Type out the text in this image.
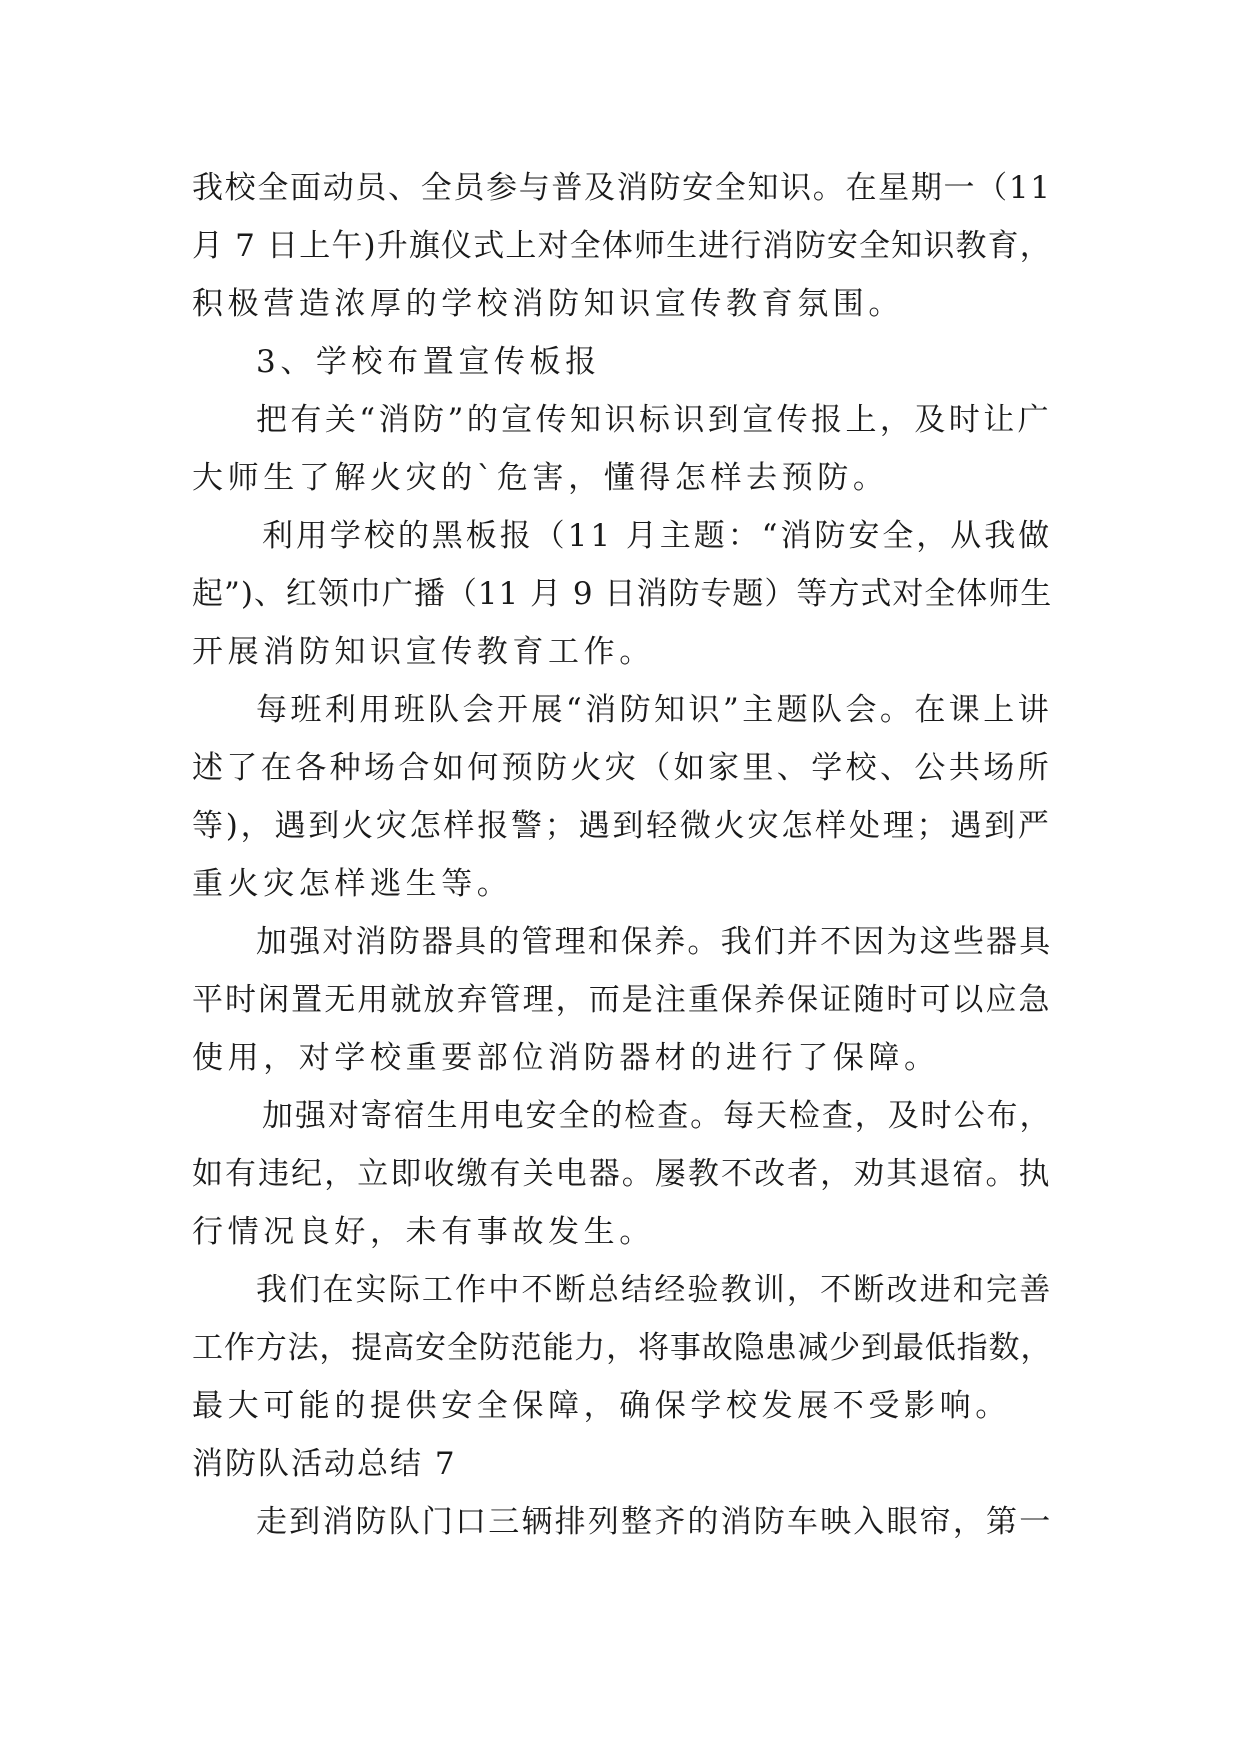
我校全面动员、全员参与普及消防安全知识。在星期一（11
月 7 日上午)升旗仪式上对全体师生进行消防安全知识教育，
积极营造浓厚的学校消防知识宣传教育氛围。
3、学校布置宣传板报
把有关“消防”的宣传知识标识到宣传报上，及时让广
大师生了解火灾的`危害，懂得怎样去预防。
利用学校的黑板报（11 月主题：“消防安全，从我做
起”)、红领巾广播（11 月 9 日消防专题）等方式对全体师生
开展消防知识宣传教育工作。
每班利用班队会开展“消防知识”主题队会。在课上讲
述了在各种场合如何预防火灾（如家里、学校、公共场所
等)，遇到火灾怎样报警；遇到轻微火灾怎样处理；遇到严
重火灾怎样逃生等。
加强对消防器具的管理和保养。我们并不因为这些器具
平时闲置无用就放弃管理，而是注重保养保证随时可以应急
使用，对学校重要部位消防器材的进行了保障。
加强对寄宿生用电安全的检查。每天检查，及时公布，
如有违纪，立即收缴有关电器。屡教不改者，劝其退宿。执
行情况良好，未有事故发生。
我们在实际工作中不断总结经验教训，不断改进和完善
工作方法，提高安全防范能力，将事故隐患减少到最低指数，
最大可能的提供安全保障，确保学校发展不受影响。
消防队活动总结 7
走到消防队门口三辆排列整齐的消防车映入眼帘，第一
